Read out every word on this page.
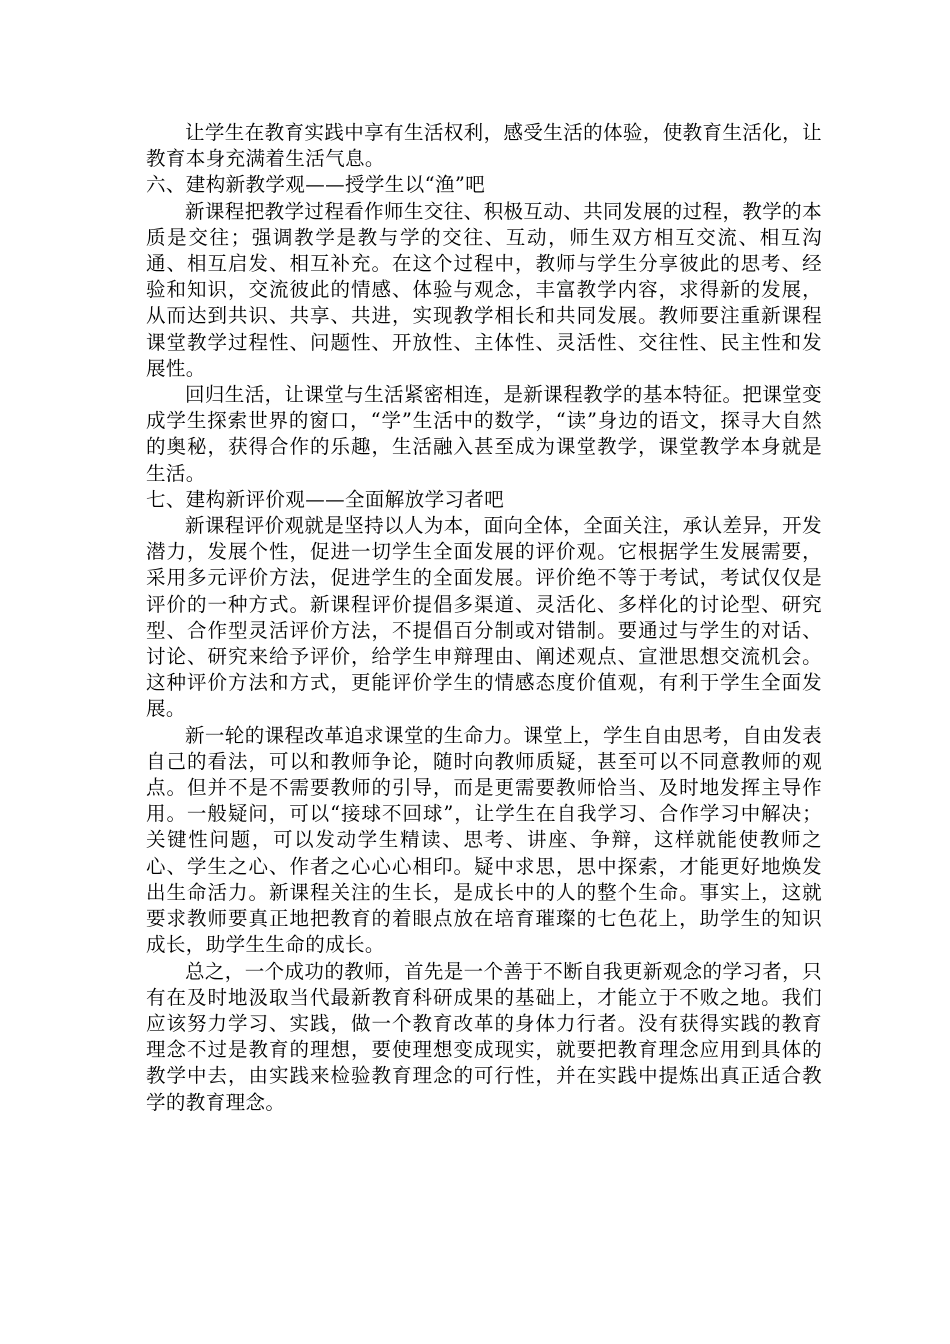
让学生在教育实践中享有生活权利，感受生活的体验，使教育生活化，让教育本身充满着生活气息。

六、建构新教学观——授学生以“渔”吧

新课程把教学过程看作师生交往、积极互动、共同发展的过程，教学的本质是交往；强调教学是教与学的交往、互动，师生双方相互交流、相互沟通、相互启发、相互补充。在这个过程中，教师与学生分享彼此的思考、经验和知识，交流彼此的情感、体验与观念，丰富教学内容，求得新的发展，从而达到共识、共享、共进，实现教学相长和共同发展。教师要注重新课程课堂教学过程性、问题性、开放性、主体性、灵活性、交往性、民主性和发展性。

回归生活，让课堂与生活紧密相连，是新课程教学的基本特征。把课堂变成学生探索世界的窗口，“学”生活中的数学，“读”身边的语文，探寻大自然的奥秘，获得合作的乐趣，生活融入甚至成为课堂教学，课堂教学本身就是生活。

七、建构新评价观——全面解放学习者吧

新课程评价观就是坚持以人为本，面向全体，全面关注，承认差异，开发潜力，发展个性，促进一切学生全面发展的评价观。它根据学生发展需要，采用多元评价方法，促进学生的全面发展。评价绝不等于考试，考试仅仅是评价的一种方式。新课程评价提倡多渠道、灵活化、多样化的讨论型、研究型、合作型灵活评价方法，不提倡百分制或对错制。要通过与学生的对话、讨论、研究来给予评价，给学生申辩理由、阐述观点、宣泄思想交流机会。这种评价方法和方式，更能评价学生的情感态度价值观，有利于学生全面发展。

新一轮的课程改革追求课堂的生命力。课堂上，学生自由思考，自由发表自己的看法，可以和教师争论，随时向教师质疑，甚至可以不同意教师的观点。但并不是不需要教师的引导，而是更需要教师恰当、及时地发挥主导作用。一般疑问，可以“接球不回球”，让学生在自我学习、合作学习中解决；关键性问题，可以发动学生精读、思考、讲座、争辩，这样就能使教师之心、学生之心、作者之心心心相印。疑中求思，思中探索，才能更好地焕发出生命活力。新课程关注的生长，是成长中的人的整个生命。事实上，这就要求教师要真正地把教育的着眼点放在培育璀璨的七色花上，助学生的知识成长，助学生生命的成长。

总之，一个成功的教师，首先是一个善于不断自我更新观念的学习者，只有在及时地汲取当代最新教育科研成果的基础上，才能立于不败之地。我们应该努力学习、实践，做一个教育改革的身体力行者。没有获得实践的教育理念不过是教育的理想，要使理想变成现实，就要把教育理念应用到具体的教学中去，由实践来检验教育理念的可行性，并在实践中提炼出真正适合教学的教育理念。
